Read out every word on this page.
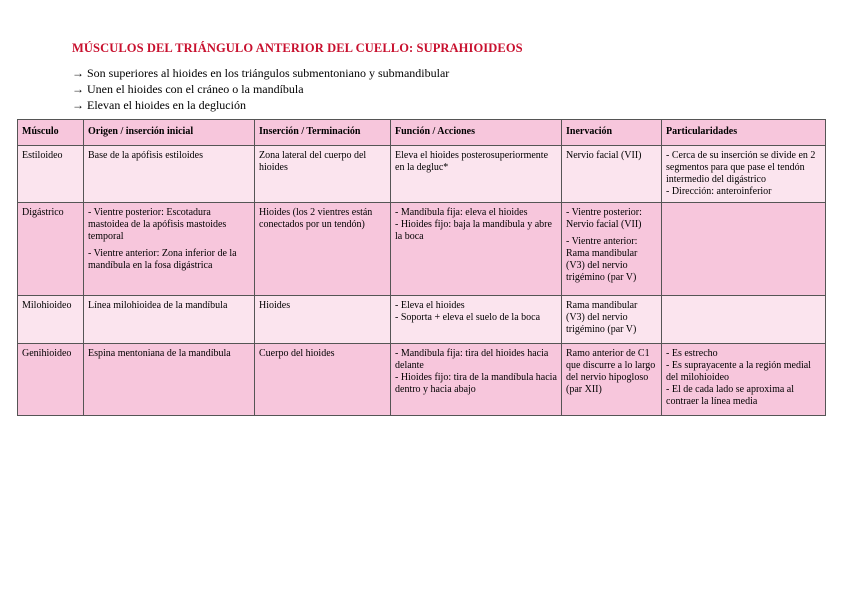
MÚSCULOS DEL TRIÁNGULO ANTERIOR DEL CUELLO: SUPRAHIOIDEOS
→ Son superiores al hioides en los triángulos submentoniano y submandibular
→ Unen el hioides con el cráneo o la mandíbula
→ Elevan el hioides en la deglución
Músculo	Origen / inserción inicial	Inserción / Terminación	Función / Acciones	Inervación	Particularidades
Estiloideo	Base de la apófisis estiloides	Zona lateral del cuerpo del hioides	Eleva el hioides posterosuperiormente en la degluc*	Nervio facial (VII)	- Cerca de su inserción se divide en 2 segmentos para que pase el tendón intermedio del digástrico
- Dirección: anteroinferior

Digástrico	- Vientre posterior: Escotadura mastoidea de la apófisis mastoides temporal
- Vientre anterior: Zona inferior de la mandíbula en la fosa digástrica	Hioides (los 2 vientres están conectados por un tendón)	- Mandíbula fija: eleva el hioides
- Hioides fijo: baja la mandíbula y abre la boca	- Vientre posterior: Nervio facial (VII)
- Vientre anterior: Rama mandibular (V3) del nervio trigémino (par V)	

Milohioideo	Línea milohioidea de la mandíbula	Hioides	- Eleva el hioides
- Soporta + eleva el suelo de la boca	Rama mandibular (V3) del nervio trigémino (par V)	

Genihioideo	Espina mentoniana de la mandíbula	Cuerpo del hioides	- Mandíbula fija: tira del hioides hacia delante
- Hioides fijo: tira de la mandíbula hacia dentro y hacia abajo	Ramo anterior de C1 que discurre a lo largo del nervio hipogloso (par XII)	- Es estrecho
- Es suprayacente a la región medial del milohioideo
- El de cada lado se aproxima al contraer la línea media
